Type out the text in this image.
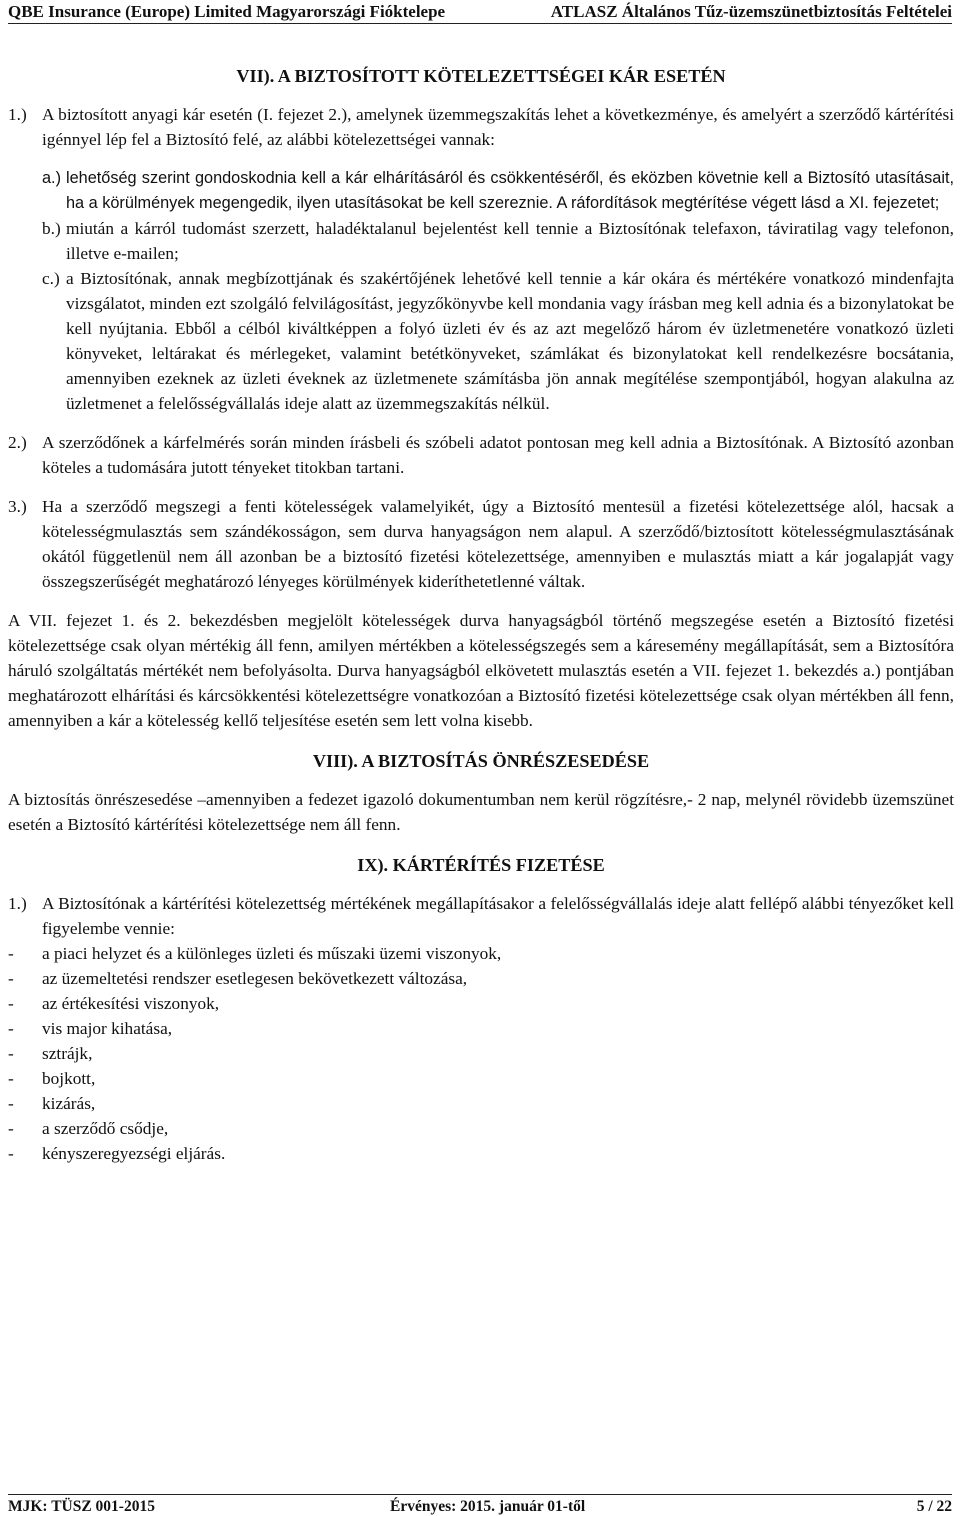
QBE Insurance (Europe) Limited Magyarországi Fióktelepe	ATLASZ Általános Tűz-üzemszünetbiztosítás Feltételei
VII). A BIZTOSÍTOTT KÖTELEZETTSÉGEI KÁR ESETÉN
1.) A biztosított anyagi kár esetén (I. fejezet 2.), amelynek üzemmegszakítás lehet a következménye, és amelyért a szerződő kártérítési igénnyel lép fel a Biztosító felé, az alábbi kötelezettségei vannak:
a.) lehetőség szerint gondoskodnia kell a kár elhárításáról és csökkentéséről, és eközben követnie kell a Biztosító utasításait, ha a körülmények megengedik, ilyen utasításokat be kell szereznie. A ráfordítások megtérítése végett lásd a XI. fejezetet;
b.) miután a kárról tudomást szerzett, haladéktalanul bejelentést kell tennie a Biztosítónak telefaxon, táviratilag vagy telefonon, illetve e-mailen;
c.) a Biztosítónak, annak megbízottjának és szakértőjének lehetővé kell tennie a kár okára és mértékére vonatkozó mindenfajta vizsgálatot, minden ezt szolgáló felvilágosítást, jegyzőkönyvbe kell mondania vagy írásban meg kell adnia és a bizonylatokat be kell nyújtania. Ebből a célból kiváltképpen a folyó üzleti év és az azt megelőző három év üzletmenetére vonatkozó üzleti könyveket, leltárakat és mérlegeket, valamint betétkönyveket, számlákat és bizonylatokat kell rendelkezésre bocsátania, amennyiben ezeknek az üzleti éveknek az üzletmenete számításba jön annak megítélése szempontjából, hogyan alakulna az üzletmenet a felelősségvállalás ideje alatt az üzemmegszakítás nélkül.
2.) A szerződőnek a kárfelmérés során minden írásbeli és szóbeli adatot pontosan meg kell adnia a Biztosítónak. A Biztosító azonban köteles a tudomására jutott tényeket titokban tartani.
3.) Ha a szerződő megszegi a fenti kötelességek valamelyikét, úgy a Biztosító mentesül a fizetési kötelezettsége alól, hacsak a kötelességmulasztás sem szándékosságon, sem durva hanyagságon nem alapul. A szerződő/biztosított kötelességmulasztásának okától függetlenül nem áll azonban be a biztosító fizetési kötelezettsége, amennyiben e mulasztás miatt a kár jogalapját vagy összegszerűségét meghatározó lényeges körülmények kideríthetetlenné váltak.
A VII. fejezet 1. és 2. bekezdésben megjelölt kötelességek durva hanyagságból történő megszegése esetén a Biztosító fizetési kötelezettsége csak olyan mértékig áll fenn, amilyen mértékben a kötelességszegés sem a káresemény megállapítását, sem a Biztosítóra háruló szolgáltatás mértékét nem befolyásolta. Durva hanyagságból elkövetett mulasztás esetén a VII. fejezet 1. bekezdés a.) pontjában meghatározott elhárítási és kárcsökkentési kötelezettségre vonatkozóan a Biztosító fizetési kötelezettsége csak olyan mértékben áll fenn, amennyiben a kár a kötelesség kellő teljesítése esetén sem lett volna kisebb.
VIII). A BIZTOSÍTÁS ÖNRÉSZESEDÉSE
A biztosítás önrészesedése –amennyiben a fedezet igazoló dokumentumban nem kerül rögzítésre,- 2 nap, melynél rövidebb üzemszünet esetén a Biztosító kártérítési kötelezettsége nem áll fenn.
IX). KÁRTÉRÍTÉS FIZETÉSE
1.) A Biztosítónak a kártérítési kötelezettség mértékének megállapításakor a felelősségvállalás ideje alatt fellépő alábbi tényezőket kell figyelembe vennie:
-	a piaci helyzet és a különleges üzleti és műszaki üzemi viszonyok,
-	az üzemeltetési rendszer esetlegesen bekövetkezett változása,
-	az értékesítési viszonyok,
-	vis major kihatása,
-	sztrájk,
-	bojkott,
-	kizárás,
-	a szerződő csődje,
-	kényszeregyezségi eljárás.
MJK: TÜSZ 001-2015	Érvényes: 2015. január 01-től	5 / 22
